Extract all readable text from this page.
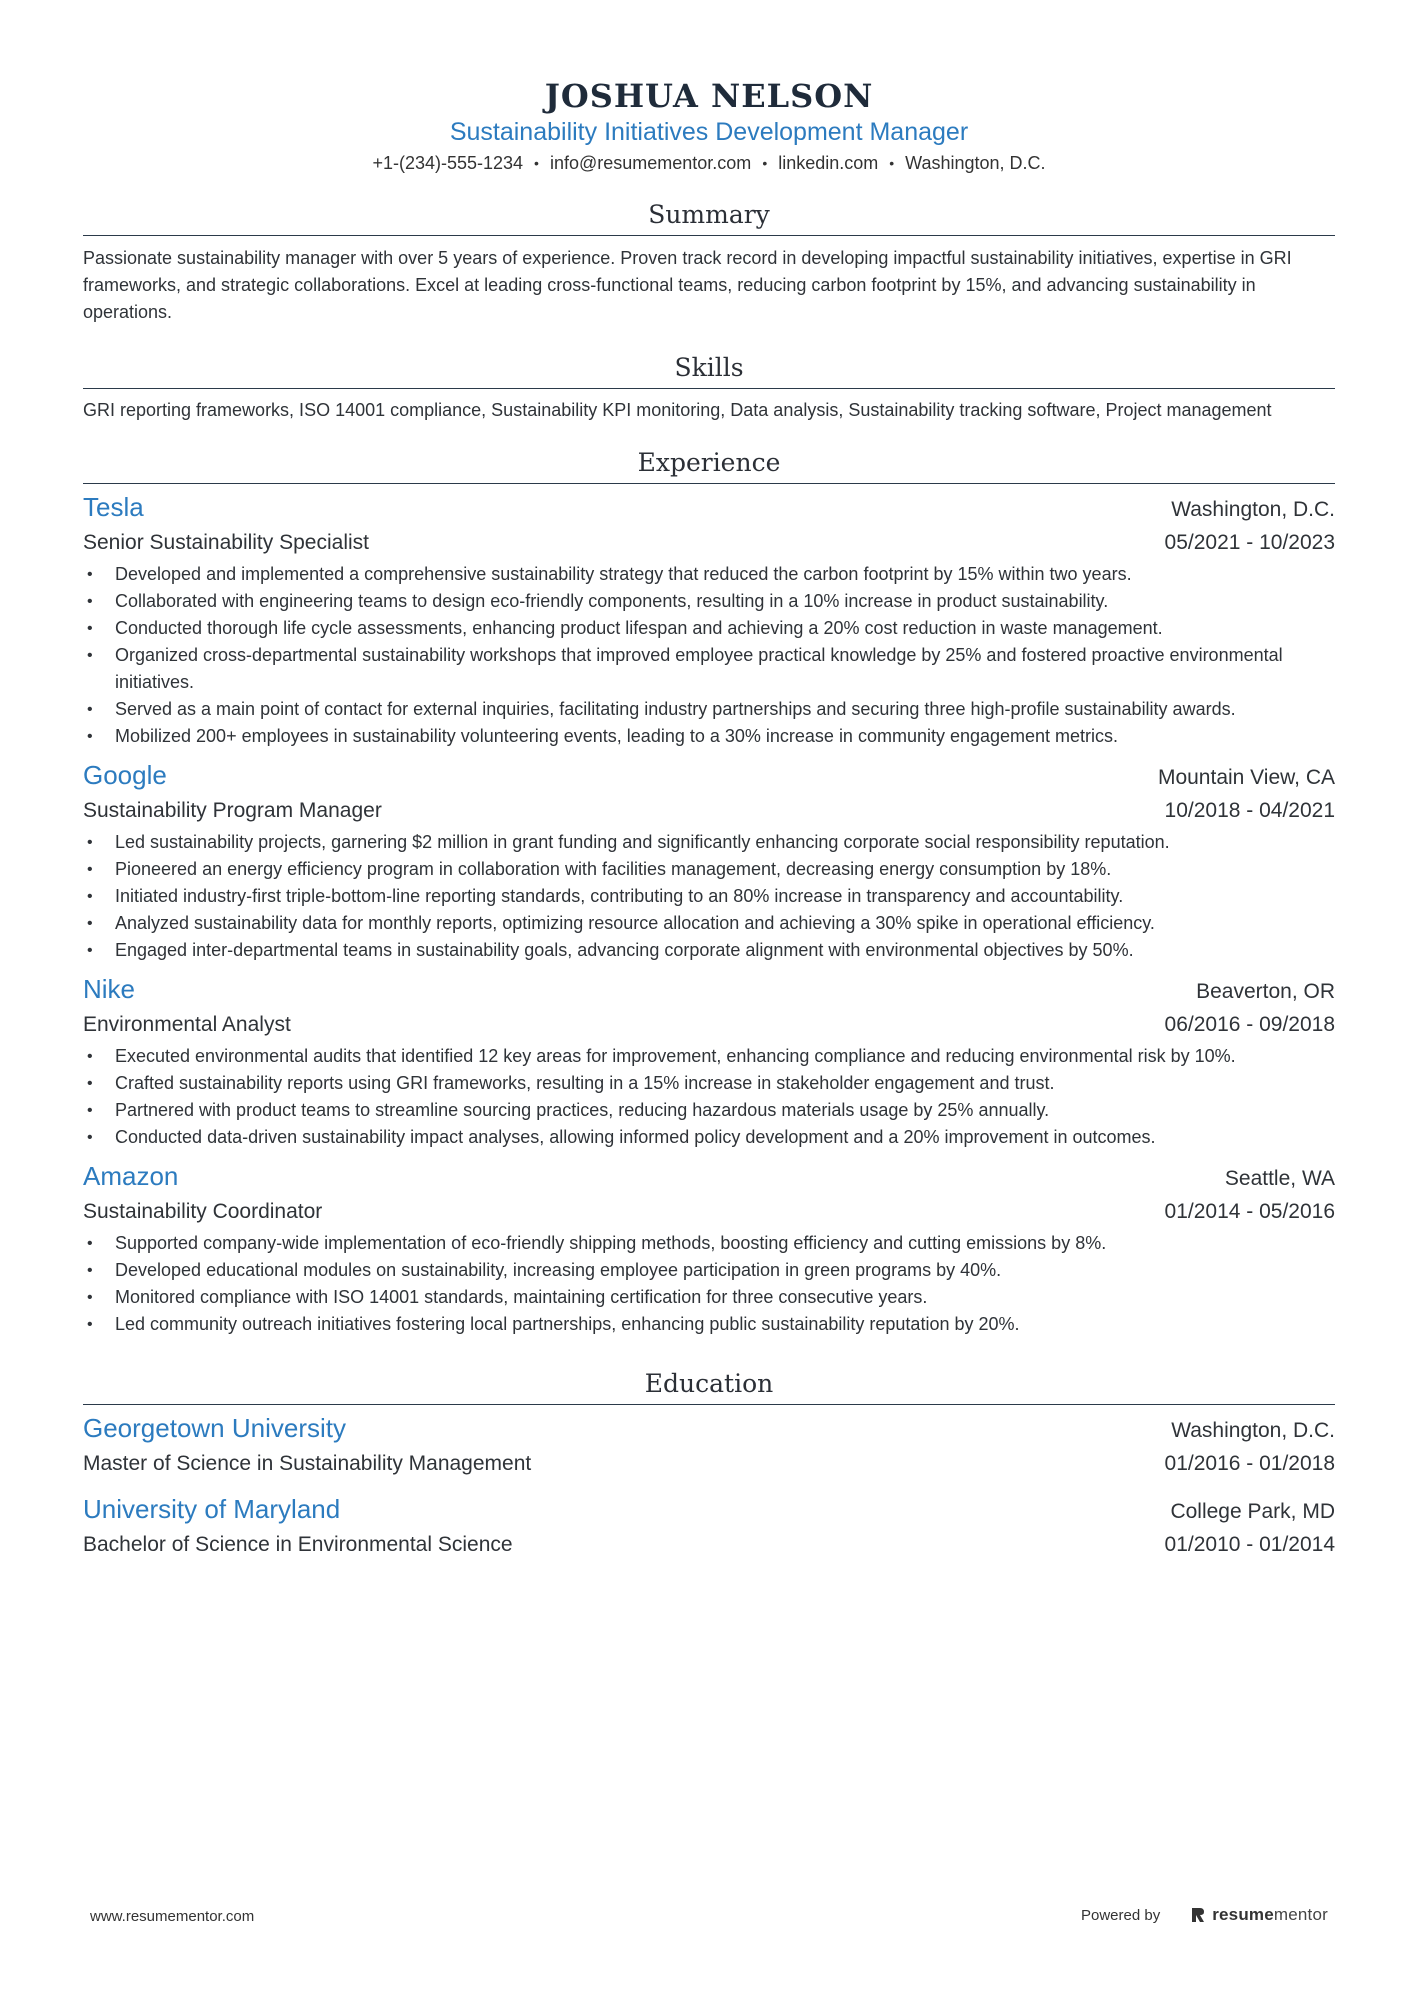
JOSHUA NELSON
Sustainability Initiatives Development Manager
+1-(234)-555-1234 • info@resumementor.com • linkedin.com • Washington, D.C.
Summary
Passionate sustainability manager with over 5 years of experience. Proven track record in developing impactful sustainability initiatives, expertise in GRI frameworks, and strategic collaborations. Excel at leading cross-functional teams, reducing carbon footprint by 15%, and advancing sustainability in operations.
Skills
GRI reporting frameworks, ISO 14001 compliance, Sustainability KPI monitoring, Data analysis, Sustainability tracking software, Project management
Experience
Tesla	Washington, D.C.
Senior Sustainability Specialist	05/2021 - 10/2023
• Developed and implemented a comprehensive sustainability strategy that reduced the carbon footprint by 15% within two years.
• Collaborated with engineering teams to design eco-friendly components, resulting in a 10% increase in product sustainability.
• Conducted thorough life cycle assessments, enhancing product lifespan and achieving a 20% cost reduction in waste management.
• Organized cross-departmental sustainability workshops that improved employee practical knowledge by 25% and fostered proactive environmental initiatives.
• Served as a main point of contact for external inquiries, facilitating industry partnerships and securing three high-profile sustainability awards.
• Mobilized 200+ employees in sustainability volunteering events, leading to a 30% increase in community engagement metrics.
Google	Mountain View, CA
Sustainability Program Manager	10/2018 - 04/2021
• Led sustainability projects, garnering $2 million in grant funding and significantly enhancing corporate social responsibility reputation.
• Pioneered an energy efficiency program in collaboration with facilities management, decreasing energy consumption by 18%.
• Initiated industry-first triple-bottom-line reporting standards, contributing to an 80% increase in transparency and accountability.
• Analyzed sustainability data for monthly reports, optimizing resource allocation and achieving a 30% spike in operational efficiency.
• Engaged inter-departmental teams in sustainability goals, advancing corporate alignment with environmental objectives by 50%.
Nike	Beaverton, OR
Environmental Analyst	06/2016 - 09/2018
• Executed environmental audits that identified 12 key areas for improvement, enhancing compliance and reducing environmental risk by 10%.
• Crafted sustainability reports using GRI frameworks, resulting in a 15% increase in stakeholder engagement and trust.
• Partnered with product teams to streamline sourcing practices, reducing hazardous materials usage by 25% annually.
• Conducted data-driven sustainability impact analyses, allowing informed policy development and a 20% improvement in outcomes.
Amazon	Seattle, WA
Sustainability Coordinator	01/2014 - 05/2016
• Supported company-wide implementation of eco-friendly shipping methods, boosting efficiency and cutting emissions by 8%.
• Developed educational modules on sustainability, increasing employee participation in green programs by 40%.
• Monitored compliance with ISO 14001 standards, maintaining certification for three consecutive years.
• Led community outreach initiatives fostering local partnerships, enhancing public sustainability reputation by 20%.
Education
Georgetown University	Washington, D.C.
Master of Science in Sustainability Management	01/2016 - 01/2018
University of Maryland	College Park, MD
Bachelor of Science in Environmental Science	01/2010 - 01/2014
www.resumementor.com	Powered by	resumementor
